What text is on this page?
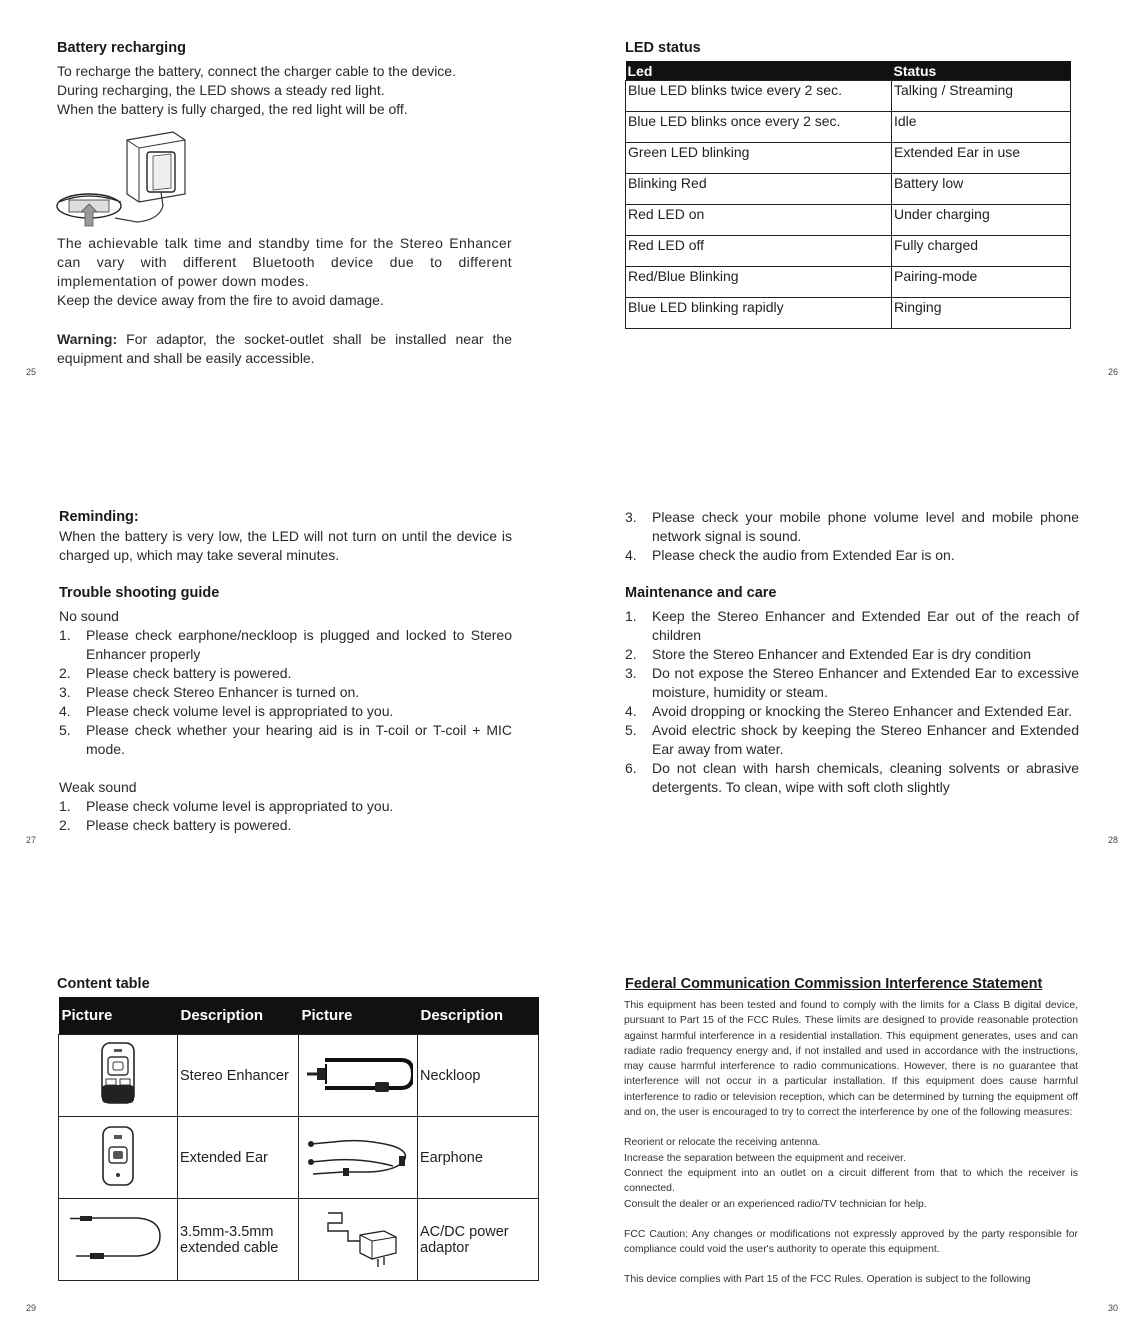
Battery recharging
To recharge the battery, connect the charger cable to the device.
During recharging, the LED shows a steady red light.
When the battery is fully charged, the red light will be off.
The achievable talk time and standby time for the Stereo Enhancer can vary with different Bluetooth device due to different implementation of power down modes.
Keep the device away from the fire to avoid damage.
Warning: For adaptor, the socket-outlet shall be installed near the equipment and shall be easily accessible.
25
LED status
Led	Status
Blue LED blinks twice every 2 sec.	Talking / Streaming
Blue LED blinks once every 2 sec.	Idle
Green LED blinking	Extended Ear in use
Blinking Red	Battery low
Red LED on	Under charging
Red LED off	Fully charged
Red/Blue Blinking	Pairing-mode
Blue LED blinking rapidly	Ringing
26
Reminding:
When the battery is very low, the LED will not turn on until the device is charged up, which may take several minutes.
Trouble shooting guide
No sound
1. Please check earphone/neckloop is plugged and locked to Stereo Enhancer properly
2. Please check battery is powered.
3. Please check Stereo Enhancer is turned on.
4. Please check volume level is appropriated to you.
5. Please check whether your hearing aid is in T-coil or T-coil + MIC mode.
Weak sound
1. Please check volume level is appropriated to you.
2. Please check battery is powered.
27
3. Please check your mobile phone volume level and mobile phone network signal is sound.
4. Please check the audio from Extended Ear is on.
Maintenance and care
1. Keep the Stereo Enhancer and Extended Ear out of the reach of children
2. Store the Stereo Enhancer and Extended Ear is dry condition
3. Do not expose the Stereo Enhancer and Extended Ear to excessive moisture, humidity or steam.
4. Avoid dropping or knocking the Stereo Enhancer and Extended Ear.
5. Avoid electric shock by keeping the Stereo Enhancer and Extended Ear away from water.
6. Do not clean with harsh chemicals, cleaning solvents or abrasive detergents. To clean, wipe with soft cloth slightly
28
Content table
Picture	Description	Picture	Description
	Stereo Enhancer		Neckloop
	Extended Ear		Earphone
	3.5mm-3.5mm extended cable		AC/DC power adaptor
29
Federal Communication Commission Interference Statement

This equipment has been tested and found to comply with the limits for a Class B digital device, pursuant to Part 15 of the FCC Rules. These limits are designed to provide reasonable protection against harmful interference in a residential installation. This equipment generates, uses and can radiate radio frequency energy and, if not installed and used in accordance with the instructions, may cause harmful interference to radio communications. However, there is no guarantee that interference will not occur in a particular installation. If this equipment does cause harmful interference to radio or television reception, which can be determined by turning the equipment off and on, the user is encouraged to try to correct the interference by one of the following measures:

Reorient or relocate the receiving antenna.

Increase the separation between the equipment and receiver.

Connect the equipment into an outlet on a circuit different from that to which the receiver is connected.

Consult the dealer or an experienced radio/TV technician for help.

FCC Caution: Any changes or modifications not expressly approved by the party responsible for compliance could void the user's authority to operate this equipment.

This device complies with Part 15 of the FCC Rules. Operation is subject to the following

30
